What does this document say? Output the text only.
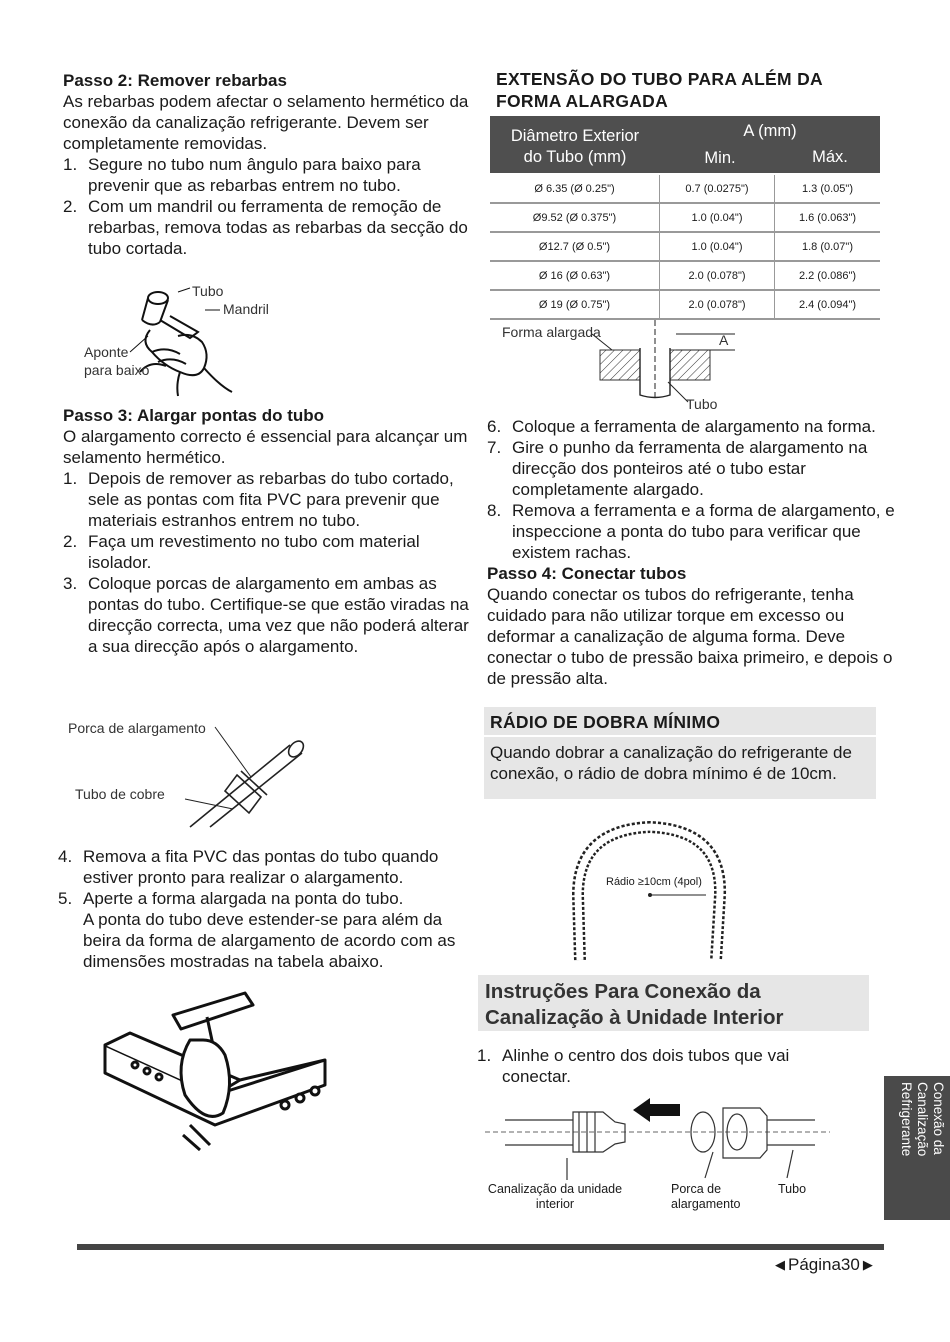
Passo 2: Remover rebarbas
As rebarbas podem afectar o selamento hermético da conexão da canalização refrigerante. Devem ser completamente removidas.
1. Segure no tubo num ângulo para baixo para prevenir que as rebarbas entrem no tubo.
2. Com um mandril ou ferramenta de remoção de rebarbas, remova todas as rebarbas da secção do tubo cortada.
Tubo
Mandril
Aponte
para baixo
Passo 3: Alargar pontas do tubo
O alargamento correcto é essencial para alcançar um selamento hermético.
1. Depois de remover as rebarbas do tubo cortado, sele as pontas com fita PVC para prevenir que materiais estranhos entrem no tubo.
2. Faça um revestimento no tubo com material isolador.
3. Coloque porcas de alargamento em ambas as pontas do tubo. Certifique-se que estão viradas na direcção correcta, uma vez que não poderá alterar a sua direcção após o alargamento.
Porca de alargamento
Tubo de cobre
4. Remova a fita PVC das pontas do tubo quando estiver pronto para realizar o alargamento.
5. Aperte a forma alargada na ponta do tubo.
A ponta do tubo deve estender-se para além da beira da forma de alargamento de acordo com as dimensões mostradas na tabela abaixo.
EXTENSÃO DO TUBO PARA ALÉM DA
FORMA ALARGADA
Diâmetro Exterior
do Tubo (mm)
A (mm)
Min.	Máx.
Ø 6.35 (Ø 0.25")	0.7 (0.0275")	1.3 (0.05")
Ø9.52 (Ø 0.375")	1.0 (0.04")	1.6 (0.063")
Ø12.7 (Ø 0.5")	1.0 (0.04")	1.8 (0.07")
Ø 16 (Ø 0.63")	2.0 (0.078")	2.2 (0.086")
Ø 19 (Ø 0.75")	2.0 (0.078")	2.4 (0.094")
Forma alargada	A
Tubo
6. Coloque a ferramenta de alargamento na forma.
7. Gire o punho da ferramenta de alargamento na direcção dos ponteiros até o tubo estar completamente alargado.
8. Remova a ferramenta e a forma de alargamento, e inspeccione a ponta do tubo para verificar que existem rachas.
Passo 4: Conectar tubos
Quando conectar os tubos do refrigerante, tenha cuidado para não utilizar torque em excesso ou deformar a canalização de alguma forma. Deve conectar o tubo de pressão baixa primeiro, e depois o de pressão alta.
RÁDIO DE DOBRA MÍNIMO
Quando dobrar a canalização do refrigerante de conexão, o rádio de dobra mínimo é de 10cm.
Rádio ≥10cm (4pol)
Instruções Para Conexão da
Canalização à Unidade Interior
1. Alinhe o centro dos dois tubos que vai conectar.
Canalização da unidade
interior
Porca de
alargamento
Tubo
Conexão da
Canalização
Refrigerante
◀ Página30 ▶
